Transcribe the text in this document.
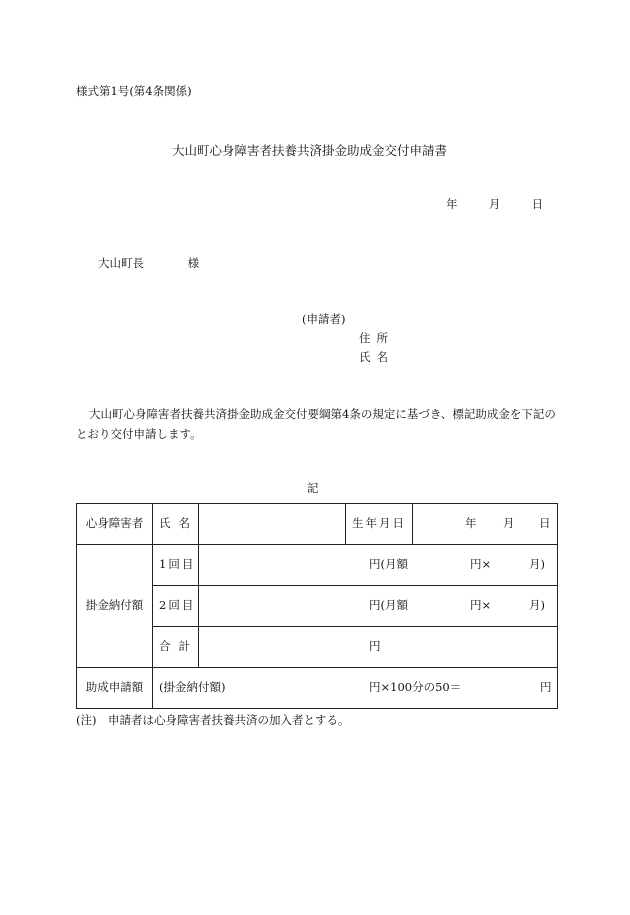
様式第1号(第4条関係)
大山町心身障害者扶養共済掛金助成金交付申請書
年	月	日
大山町長	様
(申請者)
住所
氏名
大山町心身障害者扶養共済掛金助成金交付要綱第4条の規定に基づき、標記助成金を下記のとおり交付申請します。
記
心身障害者	氏名		生年月日	年 月 日

掛金納付額	1回目	円(月額 円× 月)		

	2回目	円(月額 円× 月)		

	合計	円		

助成申請額	(掛金納付額) 円×100分の50＝ 円			
(注)　申請者は心身障害者扶養共済の加入者とする。
